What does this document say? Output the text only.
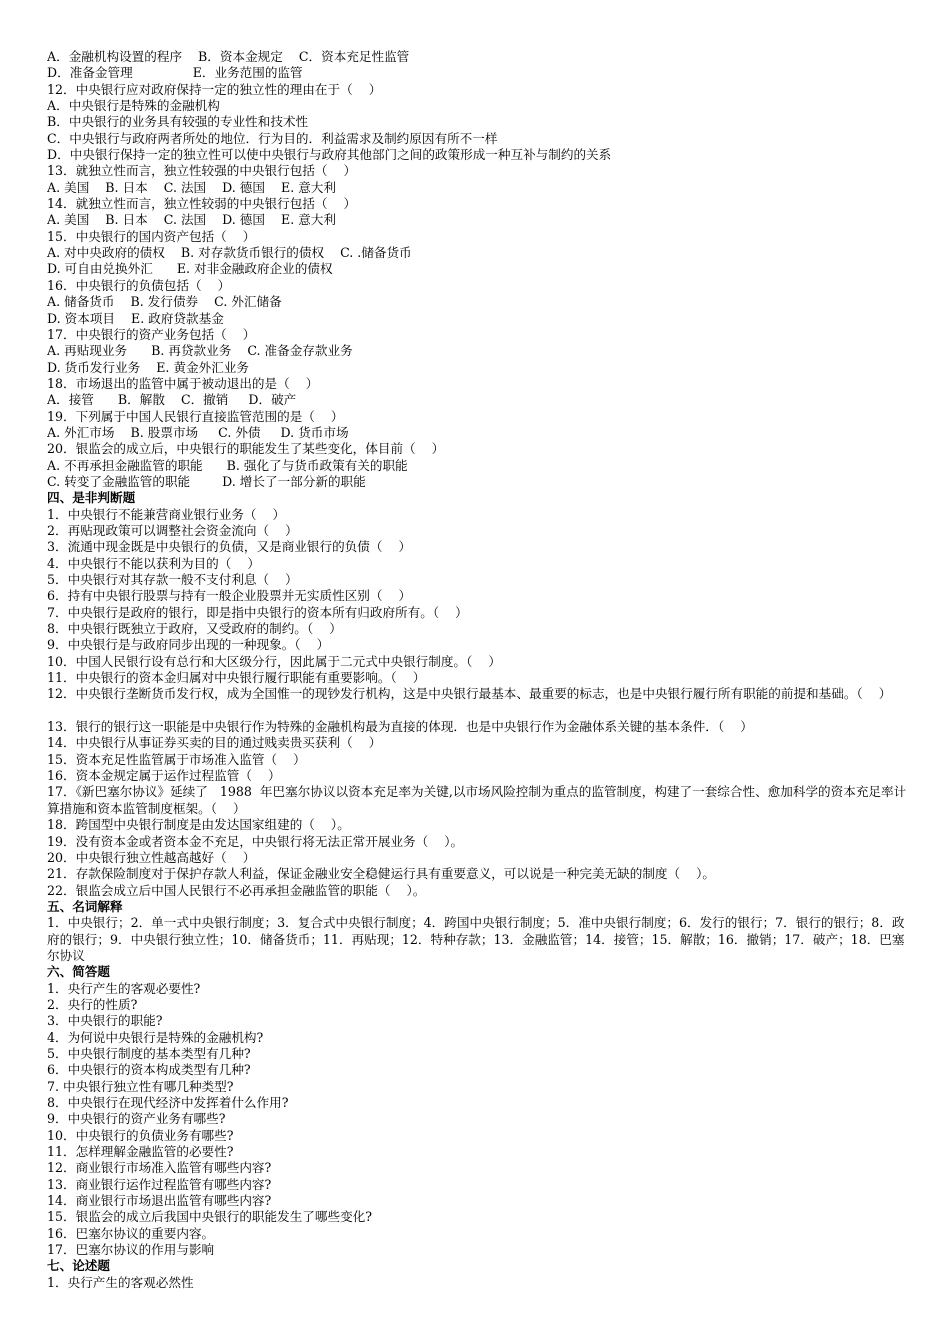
A．金融机构设置的程序    B．资本金规定    C．资本充足性监管
D．准备金管理               E．业务范围的监管
12．中央银行应对政府保持一定的独立性的理由在于（    ）
A．中央银行是特殊的金融机构
B．中央银行的业务具有较强的专业性和技术性
C．中央银行与政府两者所处的地位．行为目的．利益需求及制约原因有所不一样
D．中央银行保持一定的独立性可以使中央银行与政府其他部门之间的政策形成一种互补与制约的关系
13．就独立性而言，独立性较强的中央银行包括（    ）
A. 美国    B. 日本    C. 法国    D. 德国    E. 意大利
14．就独立性而言，独立性较弱的中央银行包括（    ）
A. 美国    B. 日本    C. 法国    D. 德国    E. 意大利
15．中央银行的国内资产包括（    ）
A. 对中央政府的债权    B. 对存款货币银行的债权    C. .储备货币
D. 可自由兑换外汇      E. 对非金融政府企业的债权
16．中央银行的负债包括（    ）
A. 储备货币    B. 发行债券    C. 外汇储备
D. 资本项目    E. 政府贷款基金
17．中央银行的资产业务包括（    ）
A. 再贴现业务      B. 再贷款业务    C. 准备金存款业务
D. 货币发行业务    E. 黄金外汇业务
18．市场退出的监管中属于被动退出的是（    ）
A．接管      B．解散    C．撤销     D．破产
19．下列属于中国人民银行直接监管范围的是（    ）
A. 外汇市场    B. 股票市场     C. 外债     D. 货币市场
20．银监会的成立后，中央银行的职能发生了某些变化，体目前（    ）
A. 不再承担金融监管的职能      B. 强化了与货币政策有关的职能
C. 转变了金融监管的职能        D. 增长了一部分新的职能
四、是非判断题
1．中央银行不能兼营商业银行业务（    ）
2．再贴现政策可以调整社会资金流向（    ）
3．流通中现金既是中央银行的负债，又是商业银行的负债（    ）
4．中央银行不能以获利为目的（    ）
5．中央银行对其存款一般不支付利息（    ）
6．持有中央银行股票与持有一般企业股票并无实质性区别（    ）
7．中央银行是政府的银行，即是指中央银行的资本所有归政府所有。（    ）
8．中央银行既独立于政府，又受政府的制约。（    ）
9．中央银行是与政府同步出现的一种现象。（    ）
10．中国人民银行设有总行和大区级分行，因此属于二元式中央银行制度。（    ）
11．中央银行的资本金归属对中央银行履行职能有重要影响。（    ）
12．中央银行垄断货币发行权，成为全国惟一的现钞发行机构，这是中央银行最基本、最重要的标志，也是中央银行履行所有职能的前提和基础。（    ）
13．银行的银行这一职能是中央银行作为特殊的金融机构最为直接的体现．也是中央银行作为金融体系关键的基本条件．（    ）
14．中央银行从事证券买卖的目的通过贱卖贵买获利（    ）
15．资本充足性监管属于市场准入监管（    ）
16．资本金规定属于运作过程监管（    ）
17．《新巴塞尔协议》延续了   1988  年巴塞尔协议以资本充足率为关键,以市场风险控制为重点的监管制度，构建了一套综合性、愈加科学的资本充足率计算措施和资本监管制度框架。（    ）
18．跨国型中央银行制度是由发达国家组建的（    ）。
19．没有资本金或者资本金不充足，中央银行将无法正常开展业务（    ）。
20．中央银行独立性越高越好（    ）
21．存款保险制度对于保护存款人利益，保证金融业安全稳健运行具有重要意义，可以说是一种完美无缺的制度（    ）。
22．银监会成立后中国人民银行不必再承担金融监管的职能（    ）。
五、名词解释
1．中央银行；2．单一式中央银行制度；3．复合式中央银行制度；4．跨国中央银行制度；5．准中央银行制度；6．发行的银行；7．银行的银行；8．政府的银行；9．中央银行独立性；10．储备货币；11．再贴现；12．特种存款；13．金融监管；14．接管；15．解散；16．撤销；17．破产；18．巴塞尔协议
六、简答题
1．央行产生的客观必要性?
2．央行的性质?
3．中央银行的职能?
4．为何说中央银行是特殊的金融机构?
5．中央银行制度的基本类型有几种?
6．中央银行的资本构成类型有几种?
7. 中央银行独立性有哪几种类型?
8．中央银行在现代经济中发挥着什么作用?
9．中央银行的资产业务有哪些?
10．中央银行的负债业务有哪些?
11．怎样理解金融监管的必要性?
12．商业银行市场准入监管有哪些内容?
13．商业银行运作过程监管有哪些内容?
14．商业银行市场退出监管有哪些内容?
15．银监会的成立后我国中央银行的职能发生了哪些变化?
16．巴塞尔协议的重要内容。
17．巴塞尔协议的作用与影响
七、论述题
1．央行产生的客观必然性
